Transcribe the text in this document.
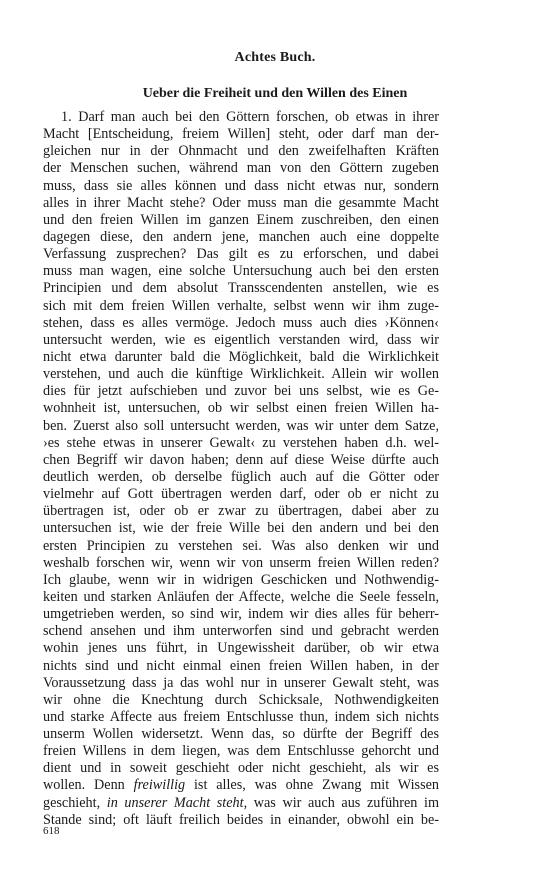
Achtes Buch.
Ueber die Freiheit und den Willen des Einen
1. Darf man auch bei den Göttern forschen, ob etwas in ihrer
Macht [Entscheidung, freiem Willen] steht, oder darf man der-
gleichen nur in der Ohnmacht und den zweifelhaften Kräften
der Menschen suchen, während man von den Göttern zugeben
muss, dass sie alles können und dass nicht etwas nur, sondern
alles in ihrer Macht stehe? Oder muss man die gesammte Macht
und den freien Willen im ganzen Einem zuschreiben, den einen
dagegen diese, den andern jene, manchen auch eine doppelte
Verfassung zusprechen? Das gilt es zu erforschen, und dabei
muss man wagen, eine solche Untersuchung auch bei den ersten
Principien und dem absolut Transscendenten anstellen, wie es
sich mit dem freien Willen verhalte, selbst wenn wir ihm zuge-
stehen, dass es alles vermöge. Jedoch muss auch dies ›Können‹
untersucht werden, wie es eigentlich verstanden wird, dass wir
nicht etwa darunter bald die Möglichkeit, bald die Wirklichkeit
verstehen, und auch die künftige Wirklichkeit. Allein wir wollen
dies für jetzt aufschieben und zuvor bei uns selbst, wie es Ge-
wohnheit ist, untersuchen, ob wir selbst einen freien Willen ha-
ben. Zuerst also soll untersucht werden, was wir unter dem Satze,
›es stehe etwas in unserer Gewalt‹ zu verstehen haben d.h. wel-
chen Begriff wir davon haben; denn auf diese Weise dürfte auch
deutlich werden, ob derselbe füglich auch auf die Götter oder
vielmehr auf Gott übertragen werden darf, oder ob er nicht zu
übertragen ist, oder ob er zwar zu übertragen, dabei aber zu
untersuchen ist, wie der freie Wille bei den andern und bei den
ersten Principien zu verstehen sei. Was also denken wir und
weshalb forschen wir, wenn wir von unserm freien Willen reden?
Ich glaube, wenn wir in widrigen Geschicken und Nothwendig-
keiten und starken Anläufen der Affecte, welche die Seele fesseln,
umgetrieben werden, so sind wir, indem wir dies alles für beherr-
schend ansehen und ihm unterworfen sind und gebracht werden
wohin jenes uns führt, in Ungewissheit darüber, ob wir etwa
nichts sind und nicht einmal einen freien Willen haben, in der
Voraussetzung dass ja das wohl nur in unserer Gewalt steht, was
wir ohne die Knechtung durch Schicksale, Nothwendigkeiten
und starke Affecte aus freiem Entschlusse thun, indem sich nichts
unserm Wollen widersetzt. Wenn das, so dürfte der Begriff des
freien Willens in dem liegen, was dem Entschlusse gehorcht und
dient und in soweit geschieht oder nicht geschieht, als wir es
wollen. Denn freiwillig ist alles, was ohne Zwang mit Wissen
geschieht, in unserer Macht steht, was wir auch aus zuführen im
Stande sind; oft läuft freilich beides in einander, obwohl ein be-
618
